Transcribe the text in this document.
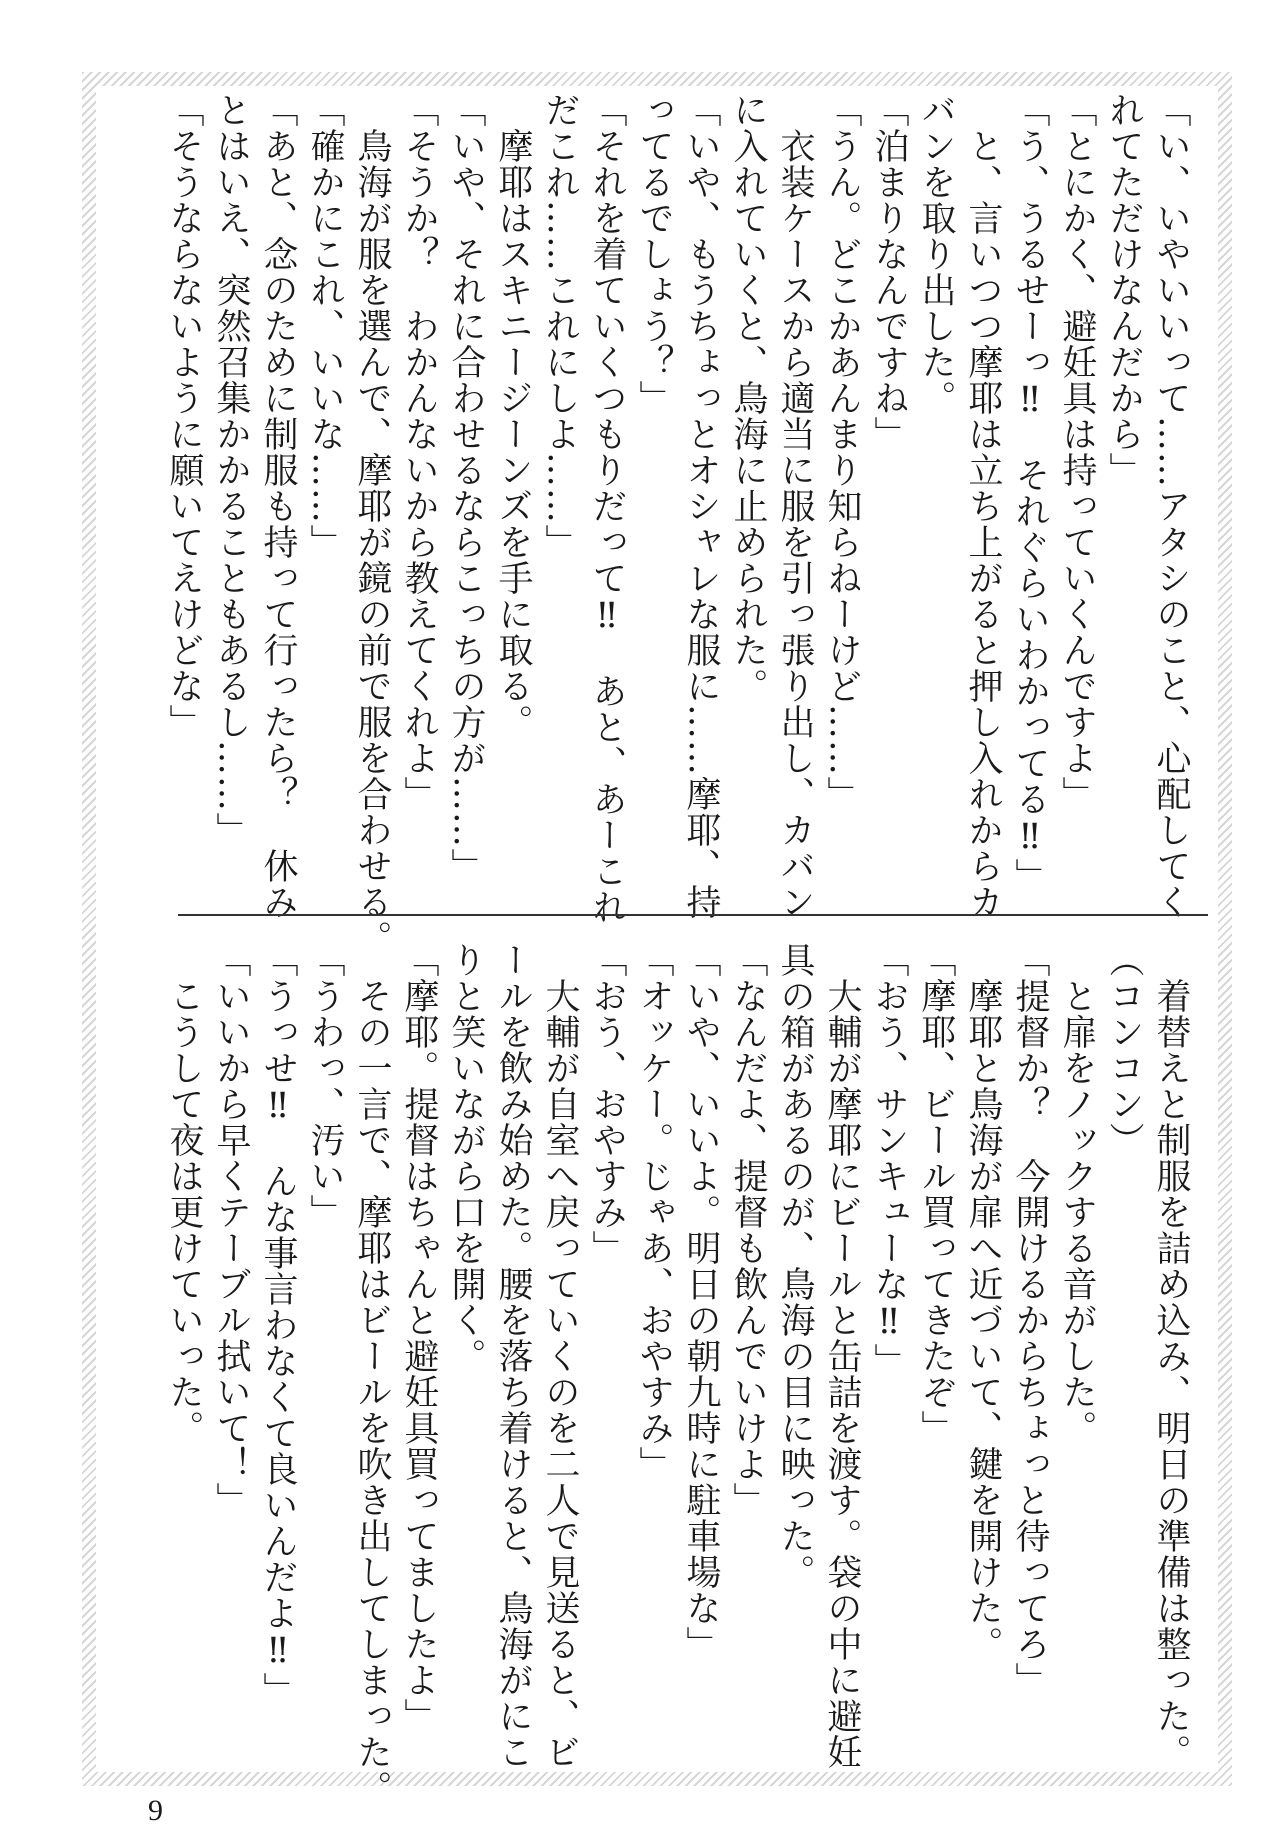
「い、いやいいって……アタシのこと、心配してく

れてただけなんだから」

「とにかく、避妊具は持っていくんですよ」

「う、うるせーっ‼　それぐらいわかってる‼」

　と、言いつつ摩耶は立ち上がると押し入れからカ

バンを取り出した。

「泊まりなんですね」

「うん。どこかあんまり知らねーけど……」

　衣装ケースから適当に服を引っ張り出し、カバン

に入れていくと、鳥海に止められた。

「いや、もうちょっとオシャレな服に……摩耶、持

ってるでしょう？」

「それを着ていくつもりだって‼　あと、あーこれ

だこれ……これにしよ……」

　摩耶はスキニージーンズを手に取る。

「いや、それに合わせるならこっちの方が……」

「そうか？　わかんないから教えてくれよ」

　鳥海が服を選んで、摩耶が鏡の前で服を合わせる。

「確かにこれ、いいな……」

「あと、念のために制服も持って行ったら？　休み

とはいえ、突然召集かかることもあるし……」

「そうならないように願いてえけどな」

　着替えと制服を詰め込み、明日の準備は整った。

（コンコン）

　と扉をノックする音がした。

「提督か？　今開けるからちょっと待ってろ」

　摩耶と鳥海が扉へ近づいて、鍵を開けた。

「摩耶、ビール買ってきたぞ」

「おう、サンキューな‼」

　大輔が摩耶にビールと缶詰を渡す。袋の中に避妊

具の箱があるのが、鳥海の目に映った。

「なんだよ、提督も飲んでいけよ」

「いや、いいよ。明日の朝九時に駐車場な」

「オッケー。じゃあ、おやすみ」

「おう、おやすみ」

　大輔が自室へ戻っていくのを二人で見送ると、ビ

ールを飲み始めた。腰を落ち着けると、鳥海がにこ

りと笑いながら口を開く。

「摩耶。提督はちゃんと避妊具買ってましたよ」

　その一言で、摩耶はビールを吹き出してしまった。

「うわっ、汚い」

「うっせ‼　んな事言わなくて良いんだよ‼」

「いいから早くテーブル拭いて！」

　こうして夜は更けていった。

9
